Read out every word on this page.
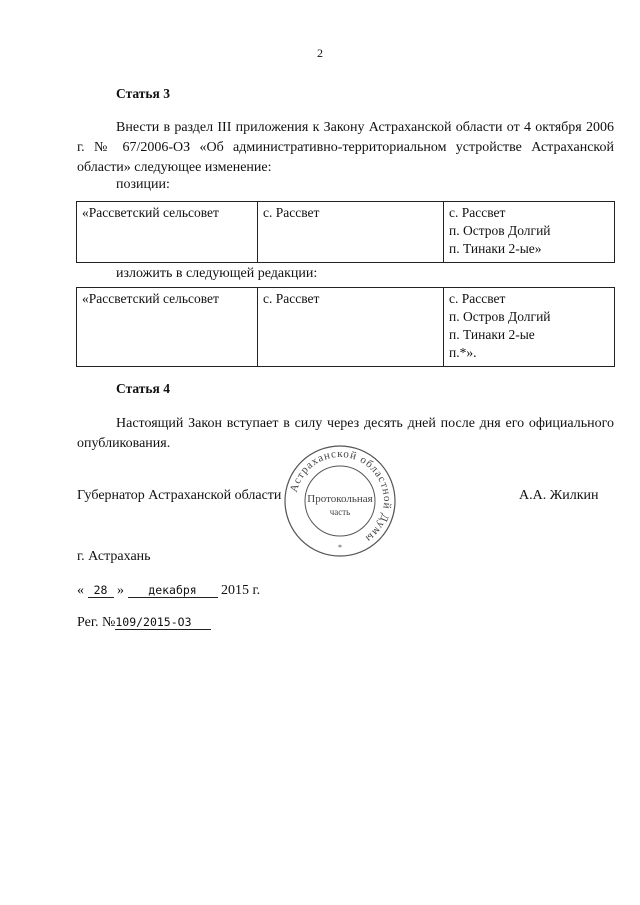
2
Статья 3
Внести в раздел III приложения к Закону Астраханской области от 4 октября 2006 г. № 67/2006-ОЗ «Об административно-территориальном устройстве Астраханской области» следующее изменение:
позиции:
«Рассветский сельсовет	с. Рассвет	с. Рассвет
п. Остров Долгий
п. Тинаки 2-ые»
изложить в следующей редакции:
«Рассветский сельсовет	с. Рассвет	с. Рассвет
п. Остров Долгий
п. Тинаки 2-ые
п.*».
Статья 4
Настоящий Закон вступает в силу через десять дней после дня его официального опубликования.
Губернатор Астраханской области	А.А. Жилкин
Астраханской областной Думы
Протокольная
часть
*
г. Астрахань
« 28 » декабря 2015 г.
Рег. №109/2015-ОЗ
